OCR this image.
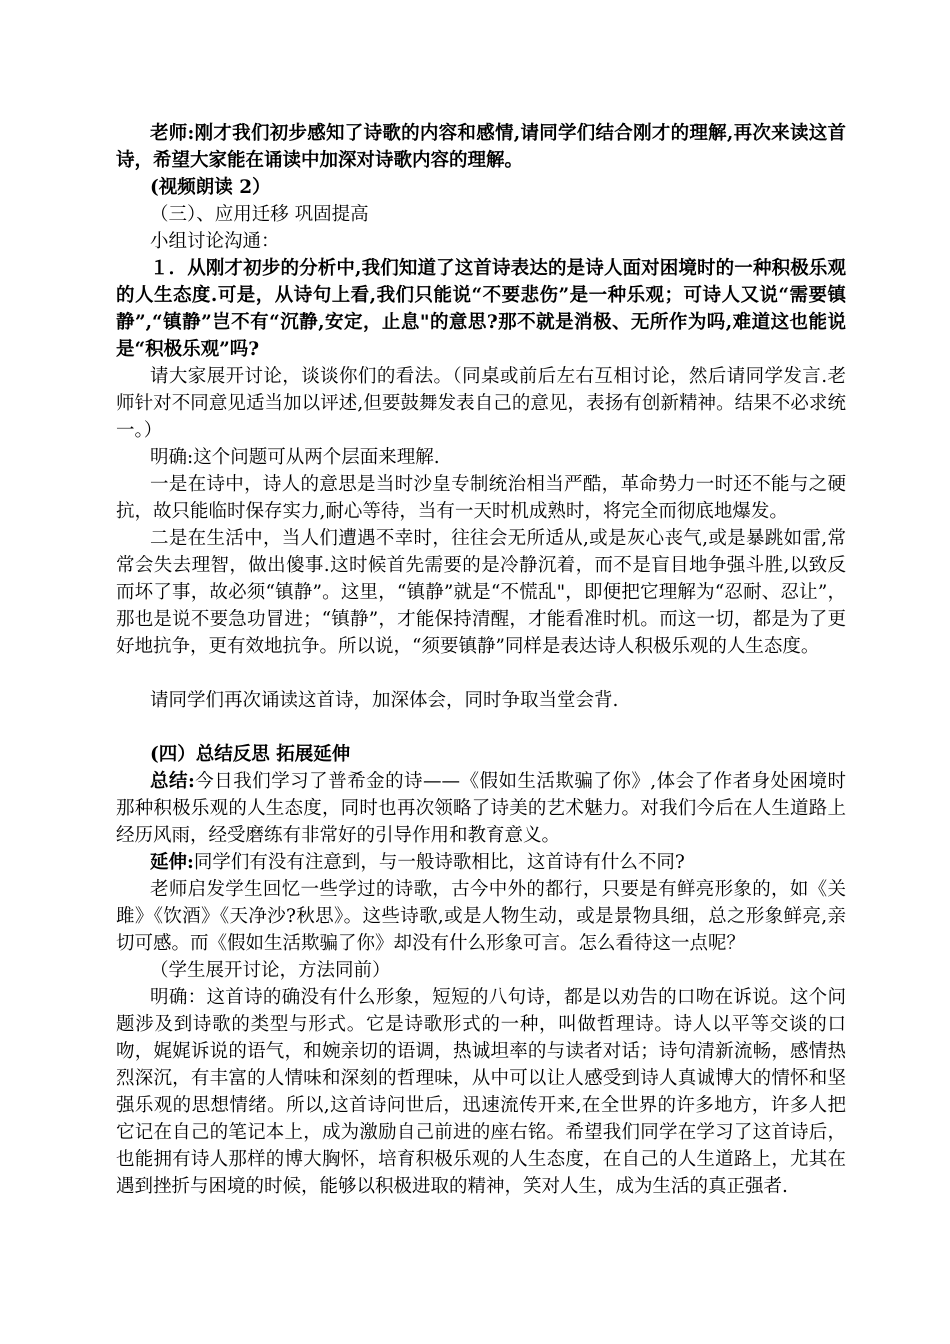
老师:刚才我们初步感知了诗歌的内容和感情,请同学们结合刚才的理解,再次来读这首诗，希望大家能在诵读中加深对诗歌内容的理解。

(视频朗读 2）

（三）、应用迁移 巩固提高

小组讨论沟通：

１．从刚才初步的分析中,我们知道了这首诗表达的是诗人面对困境时的一种积极乐观的人生态度.可是，从诗句上看,我们只能说“不要悲伤”是一种乐观；可诗人又说“需要镇静”,“镇静”岂不有“沉静,安定，止息"的意思?那不就是消极、无所作为吗,难道这也能说是“积极乐观”吗?

请大家展开讨论，谈谈你们的看法。（同桌或前后左右互相讨论，然后请同学发言.老师针对不同意见适当加以评述,但要鼓舞发表自己的意见，表扬有创新精神。结果不必求统一。）

明确:这个问题可从两个层面来理解.

一是在诗中，诗人的意思是当时沙皇专制统治相当严酷，革命势力一时还不能与之硬抗，故只能临时保存实力,耐心等待，当有一天时机成熟时，将完全而彻底地爆发。

二是在生活中，当人们遭遇不幸时，往往会无所适从,或是灰心丧气,或是暴跳如雷,常常会失去理智，做出傻事.这时候首先需要的是冷静沉着，而不是盲目地争强斗胜,以致反而坏了事，故必须“镇静”。这里，“镇静”就是“不慌乱"，即便把它理解为“忍耐、忍让”，那也是说不要急功冒进；“镇静”，才能保持清醒，才能看准时机。而这一切，都是为了更好地抗争，更有效地抗争。所以说，“须要镇静”同样是表达诗人积极乐观的人生态度。

请同学们再次诵读这首诗，加深体会，同时争取当堂会背.

(四）总结反思 拓展延伸

总结:今日我们学习了普希金的诗——《假如生活欺骗了你》,体会了作者身处困境时那种积极乐观的人生态度，同时也再次领略了诗美的艺术魅力。对我们今后在人生道路上经历风雨，经受磨练有非常好的引导作用和教育意义。

延伸:同学们有没有注意到，与一般诗歌相比，这首诗有什么不同?

老师启发学生回忆一些学过的诗歌，古今中外的都行，只要是有鲜亮形象的，如《关雎》《饮酒》《天净沙?秋思》。这些诗歌,或是人物生动，或是景物具细，总之形象鲜亮,亲切可感。而《假如生活欺骗了你》却没有什么形象可言。怎么看待这一点呢？

（学生展开讨论，方法同前）

明确：这首诗的确没有什么形象，短短的八句诗，都是以劝告的口吻在诉说。这个问题涉及到诗歌的类型与形式。它是诗歌形式的一种，叫做哲理诗。诗人以平等交谈的口吻，娓娓诉说的语气，和婉亲切的语调，热诚坦率的与读者对话；诗句清新流畅，感情热烈深沉，有丰富的人情味和深刻的哲理味，从中可以让人感受到诗人真诚博大的情怀和坚强乐观的思想情绪。所以,这首诗问世后，迅速流传开来,在全世界的许多地方，许多人把它记在自己的笔记本上，成为激励自己前进的座右铭。希望我们同学在学习了这首诗后，也能拥有诗人那样的博大胸怀，培育积极乐观的人生态度，在自己的人生道路上，尤其在遇到挫折与困境的时候，能够以积极进取的精神，笑对人生，成为生活的真正强者.
